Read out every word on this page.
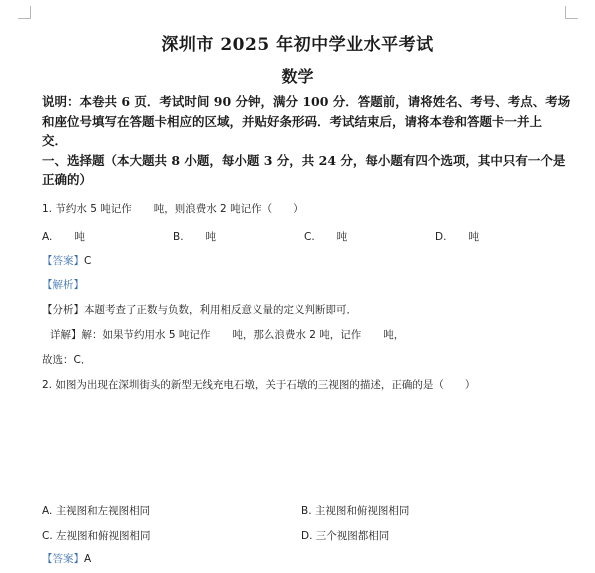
深圳市 2025 年初中学业水平考试
数学
说明：本卷共 6 页．考试时间 90 分钟，满分 100 分．答题前，请将姓名、考号、考点、考场
和座位号填写在答题卡相应的区域，并贴好条形码．考试结束后，请将本卷和答题卡一并上
交．
一、选择题（本大题共 8 小题，每小题 3 分，共 24 分，每小题有四个选项，其中只有一个是
正确的）
1. 节约水 5 吨记作 吨，则浪费水 2 吨记作（　　）
A. 吨	B. 吨	C. 吨	D. 吨
【答案】C
【解析】
【分析】本题考查了正数与负数，利用相反意义量的定义判断即可．
详解】解：如果节约用水 5 吨记作 吨，那么浪费水 2 吨，记作 吨，
故选：C．
2. 如图为出现在深圳街头的新型无线充电石墩，关于石墩的三视图的描述，正确的是（　　）
A. 主视图和左视图相同	B. 主视图和俯视图相同
C. 左视图和俯视图相同	D. 三个视图都相同
【答案】A
